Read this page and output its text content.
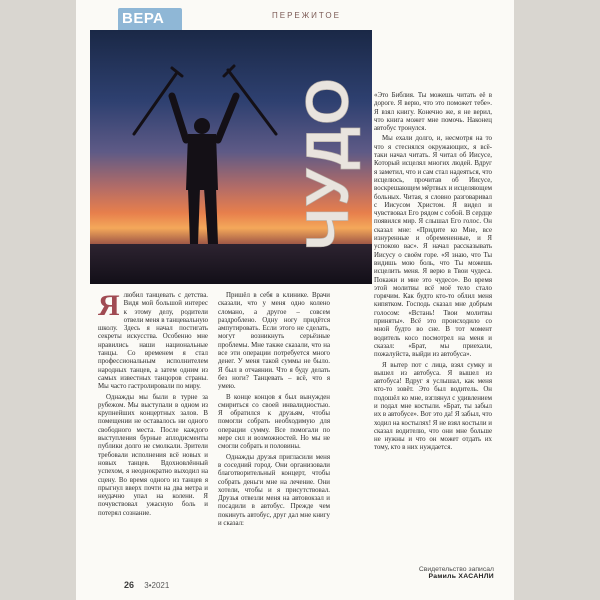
ВЕРА	ПЕРЕЖИТОЕ
ЧУДО

Ялюбил танцевать с детства. Видя мой большой интерес к этому делу, родители отвели меня в танцевальную школу. Здесь я начал постигать секреты искусства. Особенно мне нравились наши национальные танцы. Со временем я стал профессиональным исполнителем народных танцев, а затем одним из самых известных танцоров страны. Мы часто гастролировали по миру.

Однажды мы были в турне за рубежом. Мы выступали в одном из крупнейших концертных залов. В помещении не оставалось ни одного свободного места. После каждого выступления бурные аплодисменты публики долго не смолкали. Зрители требовали исполнения всё новых и новых танцев. Вдохновлённый успехом, я неоднократно выходил на сцену. Во время одного из танцев я прыгнул вверх почти на два метра и неудачно упал на колени. Я почувствовал ужасную боль и потерял сознание.

Пришёл в себя в клинике. Врачи сказали, что у меня одно колено сломано, а другое – совсем раздроблено. Одну ногу придётся ампутировать. Если этого не сделать, могут возникнуть серьёзные проблемы. Мне также сказали, что на все эти операции потребуется много денег. У меня такой суммы не было. Я был в отчаянии. Что я буду делать без ноги? Танцевать – всё, что я умею.

В конце концов я был вынужден смириться со своей инвалидностью. Я обратился к друзьям, чтобы помогли собрать необходимую для операции сумму. Все помогали по мере сил и возможностей. Но мы не смогли собрать и половины.

Однажды друзья пригласили меня в соседний город. Они организовали благотворительный концерт, чтобы собрать деньги мне на лечение. Они хотели, чтобы и я присутствовал. Друзья отвезли меня на автовокзал и посадили в автобус. Прежде чем покинуть автобус, друг дал мне книгу и сказал:

«Это Библия. Ты можешь читать её в дороге. Я верю, что это поможет тебе». Я взял книгу. Конечно же, я не верил, что книга может мне помочь. Наконец автобус тронулся.

Мы ехали долго, и, несмотря на то что я стеснялся окружающих, я всё-таки начал читать. Я читал об Иисусе, Который исцелял многих людей. Вдруг я заметил, что и сам стал надеяться, что исцелюсь, прочитав об Иисусе, воскрешающем мёртвых и исцеляющем больных. Читая, я словно разговаривал с Иисусом Христом. Я видел и чувствовал Его рядом с собой. В сердце появился мир. Я слышал Его голос. Он сказал мне: «Придите ко Мне, все изнуренные и обремененные, и Я успокою вас». Я начал рассказывать Иисусу о своём горе. «Я знаю, что Ты видишь мою боль, что Ты можешь исцелить меня. Я верю в Твои чудеса. Покажи и мне это чудесо». Во время этой молитвы всё моё тело стало горячим. Как будто кто-то облил меня кипятком. Господь сказал мне добрым голосом: «Встань! Твои молитвы приняты». Всё это происходило со мной будто во сне. В тот момент водитель косо посмотрел на меня и сказал: «Брат, мы приехали, пожалуйста, выйди из автобуса».

Я вытер пот с лица, взял сумку и вышел из автобуса. Я вышел из автобуса! Вдруг я услышал, как меня кто-то зовёт. Это был водитель. Он подошёл ко мне, взглянул с удивлением и подал мне костыли. «Брат, ты забыл их в автобусе». Вот это да! Я забыл, что ходил на костылях! Я не взял костыли и сказал водителю, что они мне больше не нужны и что он может отдать их тому, кто в них нуждается.

Свидетельство записал
Рамиль ХАСАНЛИ
26 3•2021
